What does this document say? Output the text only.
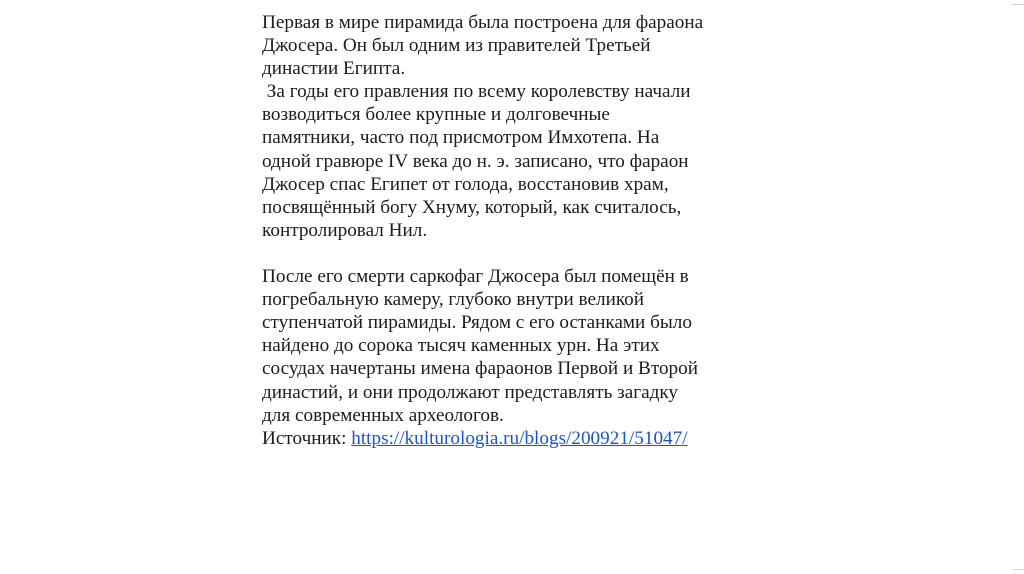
Первая в мире пирамида была построена для фараона
Джосера. Он был одним из правителей Третьей
династии Египта.
За годы его правления по всему королевству начали
возводиться более крупные и долговечные
памятники, часто под присмотром Имхотепа. На
одной гравюре IV века до н. э. записано, что фараон
Джосер спас Египет от голода, восстановив храм,
посвящённый богу Хнуму, который, как считалось,
контролировал Нил.
После его смерти саркофаг Джосера был помещён в
погребальную камеру, глубоко внутри великой
ступенчатой пирамиды. Рядом с его останками было
найдено до сорока тысяч каменных урн. На этих
сосудах начертаны имена фараонов Первой и Второй
династий, и они продолжают представлять загадку
для современных археологов.
Источник: https://kulturologia.ru/blogs/200921/51047/
